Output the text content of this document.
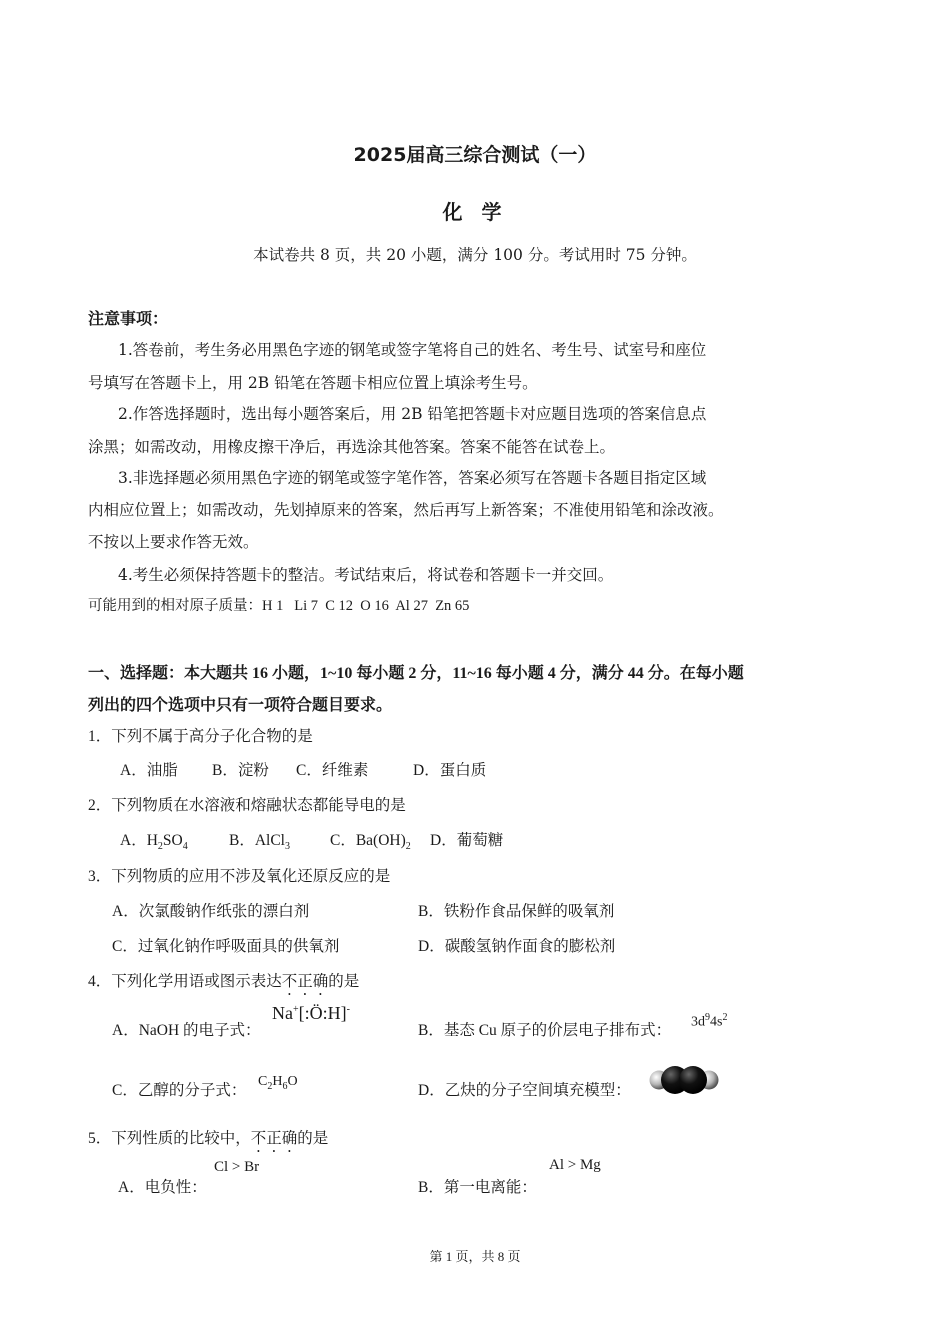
2025届高三综合测试（一）
化 学
本试卷共 8 页，共 20 小题，满分 100 分。考试用时 75 分钟。
注意事项：
1.答卷前，考生务必用黑色字迹的钢笔或签字笔将自己的姓名、考生号、试室号和座位
号填写在答题卡上，用 2B 铅笔在答题卡相应位置上填涂考生号。
2.作答选择题时，选出每小题答案后，用 2B 铅笔把答题卡对应题目选项的答案信息点
涂黑；如需改动，用橡皮擦干净后，再选涂其他答案。答案不能答在试卷上。
3.非选择题必须用黑色字迹的钢笔或签字笔作答，答案必须写在答题卡各题目指定区域
内相应位置上；如需改动，先划掉原来的答案，然后再写上新答案；不准使用铅笔和涂改液。
不按以上要求作答无效。
4.考生必须保持答题卡的整洁。考试结束后，将试卷和答题卡一并交回。
可能用到的相对原子质量：H 1   Li 7  C 12  O 16  Al 27  Zn 65
一、选择题：本大题共 16 小题，1~10 每小题 2 分，11~16 每小题 4 分，满分 44 分。在每小题
列出的四个选项中只有一项符合题目要求。
1．下列不属于高分子化合物的是
A．油脂 B．淀粉 C．纤维素	D．蛋白质
2．下列物质在水溶液和熔融状态都能导电的是
A．$H_2SO_4$	B．AlCl$_3$	C．$Ba(OH)_2$ D．葡萄糖
3．下列物质的应用不涉及氧化还原反应的是
A．次氯酸钠作纸张的漂白剂	B．铁粉作食品保鲜的吸氧剂
C．过氧化钠作呼吸面具的供氧剂	D．碳酸氢钠作面食的膨松剂
4．下列化学用语或图示表达不正确的是
A．NaOH 的电子式：
Na+[:Ö:H]-
B．基态 Cu 原子的价层电子排布式： $3d^94s^2$
C．乙醇的分子式：
$C_2H_6O$
D．乙炔的分子空间填充模型：
5．下列性质的比较中，不正确的是
A．电负性：
Cl > Br
B．第一电离能：
Al > Mg
第 1 页，共 8 页
